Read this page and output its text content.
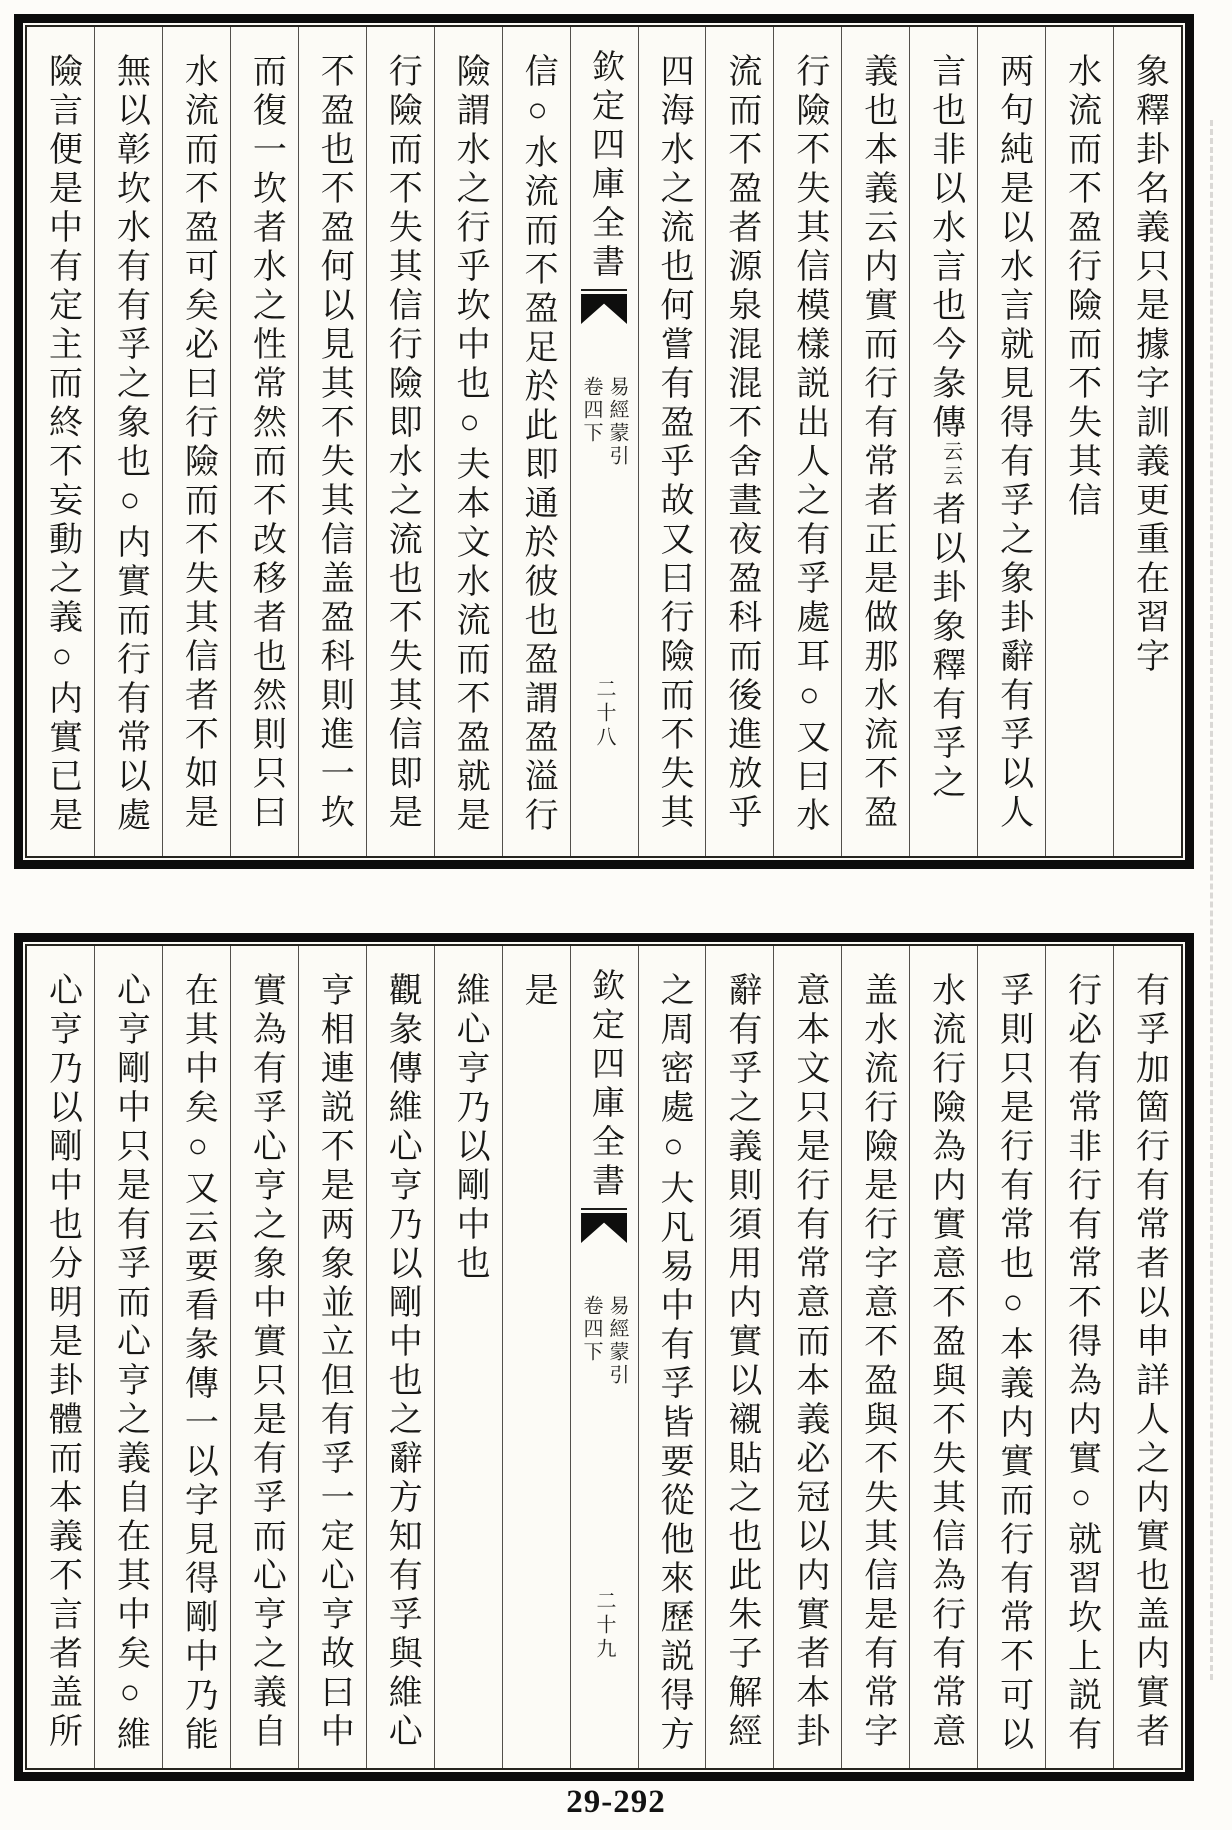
象釋卦名義只是據字訓義更重在習字
水流而不盈行險而不失其信
两句純是以水言就見得有孚之象卦辭有孚以人
言也非以水言也今彖傳云云者以卦象釋有孚之
義也本義云内實而行有常者正是做那水流不盈
行險不失其信模樣説出人之有孚處耳○又曰水
流而不盈者源泉混混不舍晝夜盈科而後進放乎
四海水之流也何嘗有盈乎故又曰行險而不失其
欽定四庫全書
易經蒙引
卷四下
二十八
信○水流而不盈足於此即通於彼也盈謂盈溢行
險謂水之行乎坎中也○夫本文水流而不盈就是
行險而不失其信行險即水之流也不失其信即是
不盈也不盈何以見其不失其信盖盈科則進一坎
而復一坎者水之性常然而不改移者也然則只曰
水流而不盈可矣必曰行險而不失其信者不如是
無以彰坎水有有孚之象也○内實而行有常以處
險言便是中有定主而終不妄動之義○内實已是
有孚加箇行有常者以申詳人之内實也盖内實者
行必有常非行有常不得為内實○就習坎上説有
孚則只是行有常也○本義内實而行有常不可以
水流行險為内實意不盈與不失其信為行有常意
盖水流行險是行字意不盈與不失其信是有常字
意本文只是行有常意而本義必冠以内實者本卦
辭有孚之義則須用内實以襯貼之也此朱子解經
之周密處○大凡易中有孚皆要從他來歷説得方
欽定四庫全書
易經蒙引
卷四下
二十九
是
維心亨乃以剛中也
觀彖傳維心亨乃以剛中也之辭方知有孚與維心
亨相連説不是两象並立但有孚一定心亨故曰中
實為有孚心亨之象中實只是有孚而心亨之義自
在其中矣○又云要看彖傳一以字見得剛中乃能
心亨剛中只是有孚而心亨之義自在其中矣○維
心亨乃以剛中也分明是卦體而本義不言者盖所
29-292
